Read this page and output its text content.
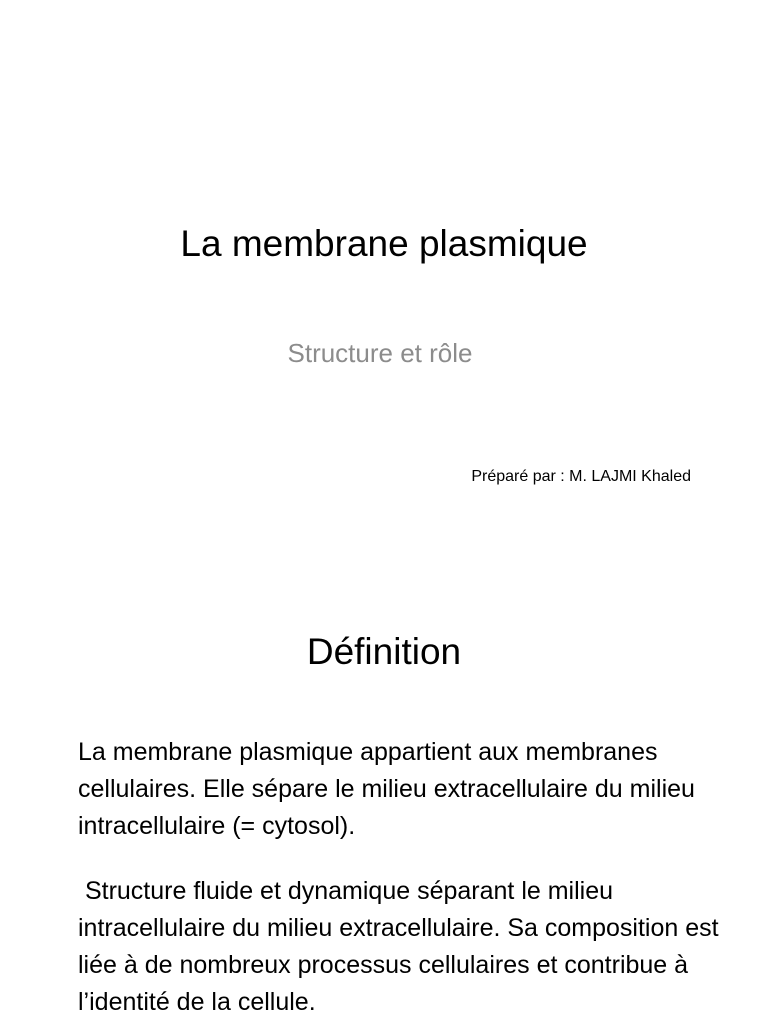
La membrane plasmique
Structure et rôle
Préparé par : M. LAJMI Khaled
Définition

La membrane plasmique appartient aux membranes cellulaires. Elle sépare le milieu extracellulaire du milieu intracellulaire (= cytosol).

Structure fluide et dynamique séparant le milieu intracellulaire du milieu extracellulaire. Sa composition est liée à de nombreux processus cellulaires et contribue à l’identité de la cellule.
